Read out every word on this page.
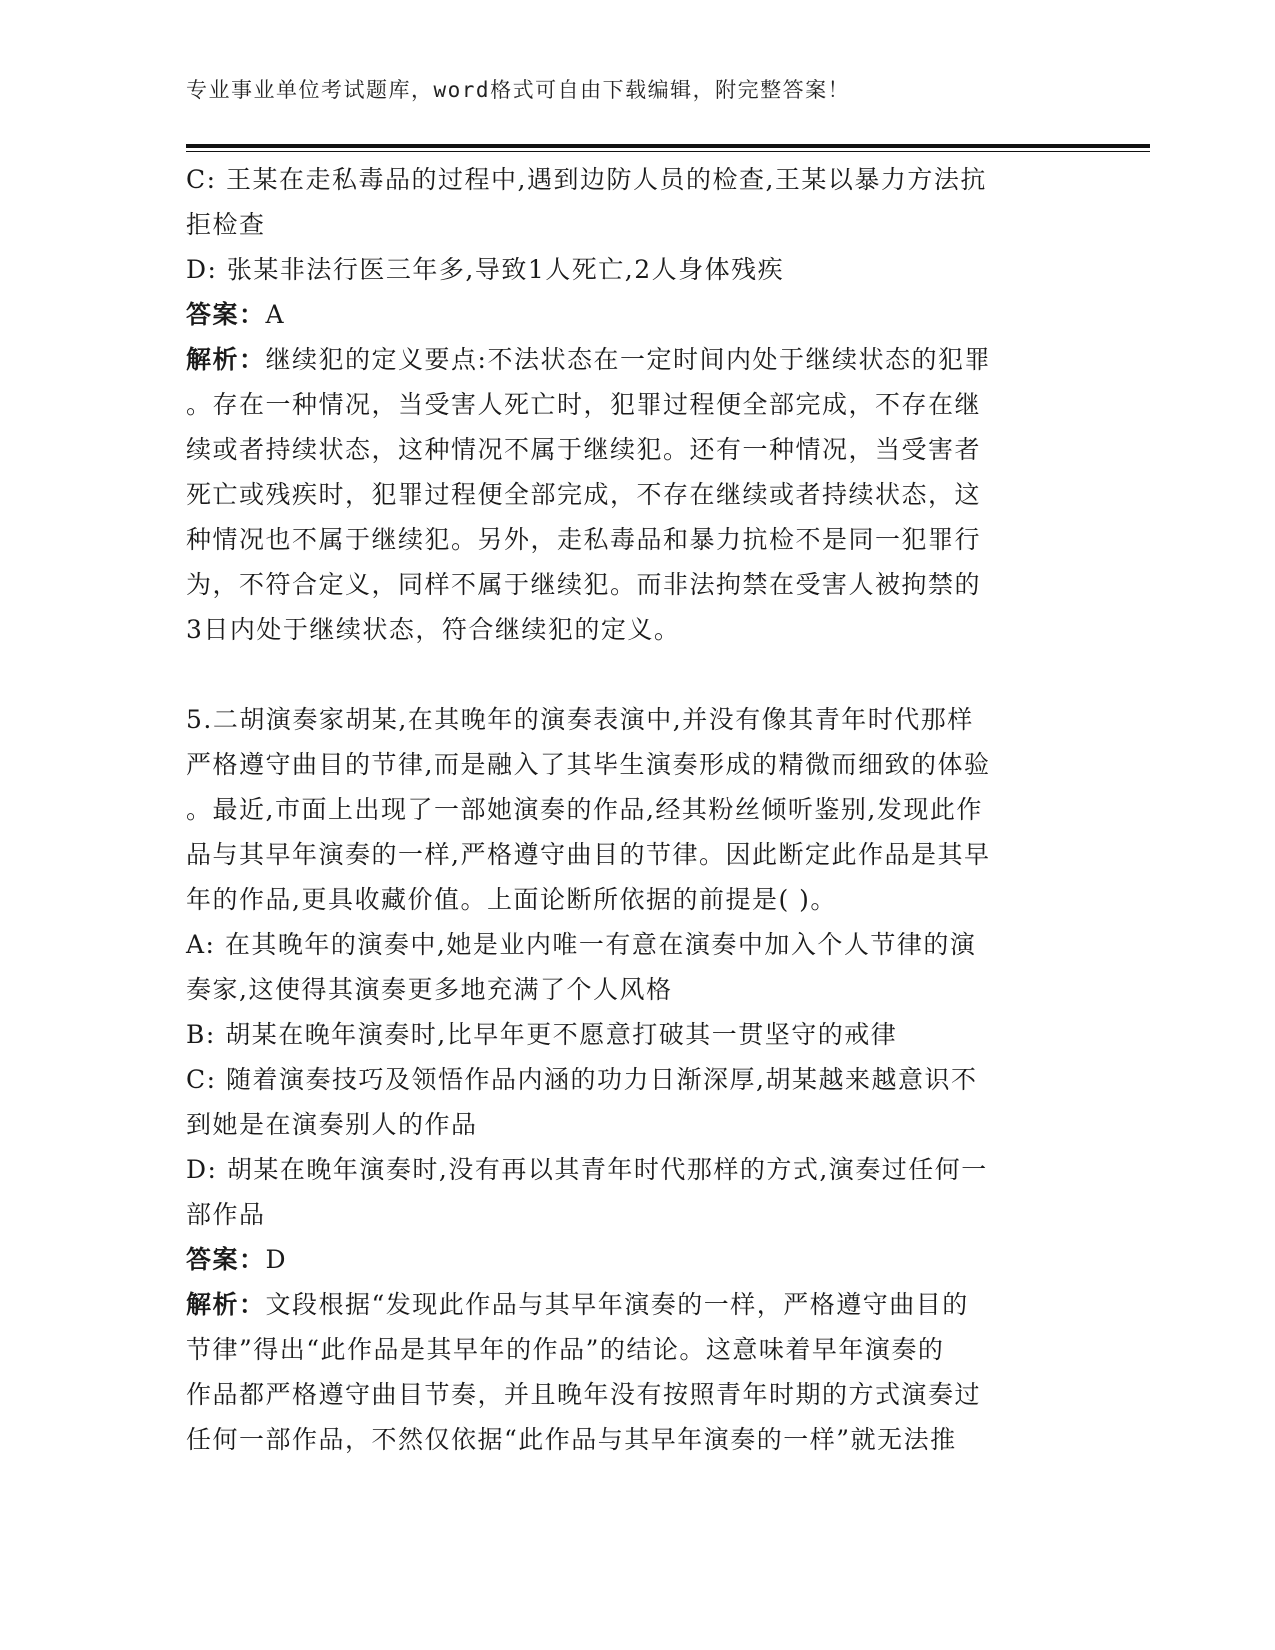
专业事业单位考试题库，word格式可自由下载编辑，附完整答案！
C: 王某在走私毒品的过程中,遇到边防人员的检查,王某以暴力方法抗
拒检查
D: 张某非法行医三年多,导致1人死亡,2人身体残疾
答案：A
解析：继续犯的定义要点:不法状态在一定时间内处于继续状态的犯罪
。存在一种情况，当受害人死亡时，犯罪过程便全部完成，不存在继
续或者持续状态，这种情况不属于继续犯。还有一种情况，当受害者
死亡或残疾时，犯罪过程便全部完成，不存在继续或者持续状态，这
种情况也不属于继续犯。另外，走私毒品和暴力抗检不是同一犯罪行
为，不符合定义，同样不属于继续犯。而非法拘禁在受害人被拘禁的
3日内处于继续状态，符合继续犯的定义。
5.二胡演奏家胡某,在其晚年的演奏表演中,并没有像其青年时代那样
严格遵守曲目的节律,而是融入了其毕生演奏形成的精微而细致的体验
。最近,市面上出现了一部她演奏的作品,经其粉丝倾听鉴别,发现此作
品与其早年演奏的一样,严格遵守曲目的节律。因此断定此作品是其早
年的作品,更具收藏价值。上面论断所依据的前提是( )。
A: 在其晚年的演奏中,她是业内唯一有意在演奏中加入个人节律的演
奏家,这使得其演奏更多地充满了个人风格
B: 胡某在晚年演奏时,比早年更不愿意打破其一贯坚守的戒律
C: 随着演奏技巧及领悟作品内涵的功力日渐深厚,胡某越来越意识不
到她是在演奏别人的作品
D: 胡某在晚年演奏时,没有再以其青年时代那样的方式,演奏过任何一
部作品
答案：D
解析：文段根据“发现此作品与其早年演奏的一样，严格遵守曲目的
节律”得出“此作品是其早年的作品”的结论。这意味着早年演奏的
作品都严格遵守曲目节奏，并且晚年没有按照青年时期的方式演奏过
任何一部作品，不然仅依据“此作品与其早年演奏的一样”就无法推
